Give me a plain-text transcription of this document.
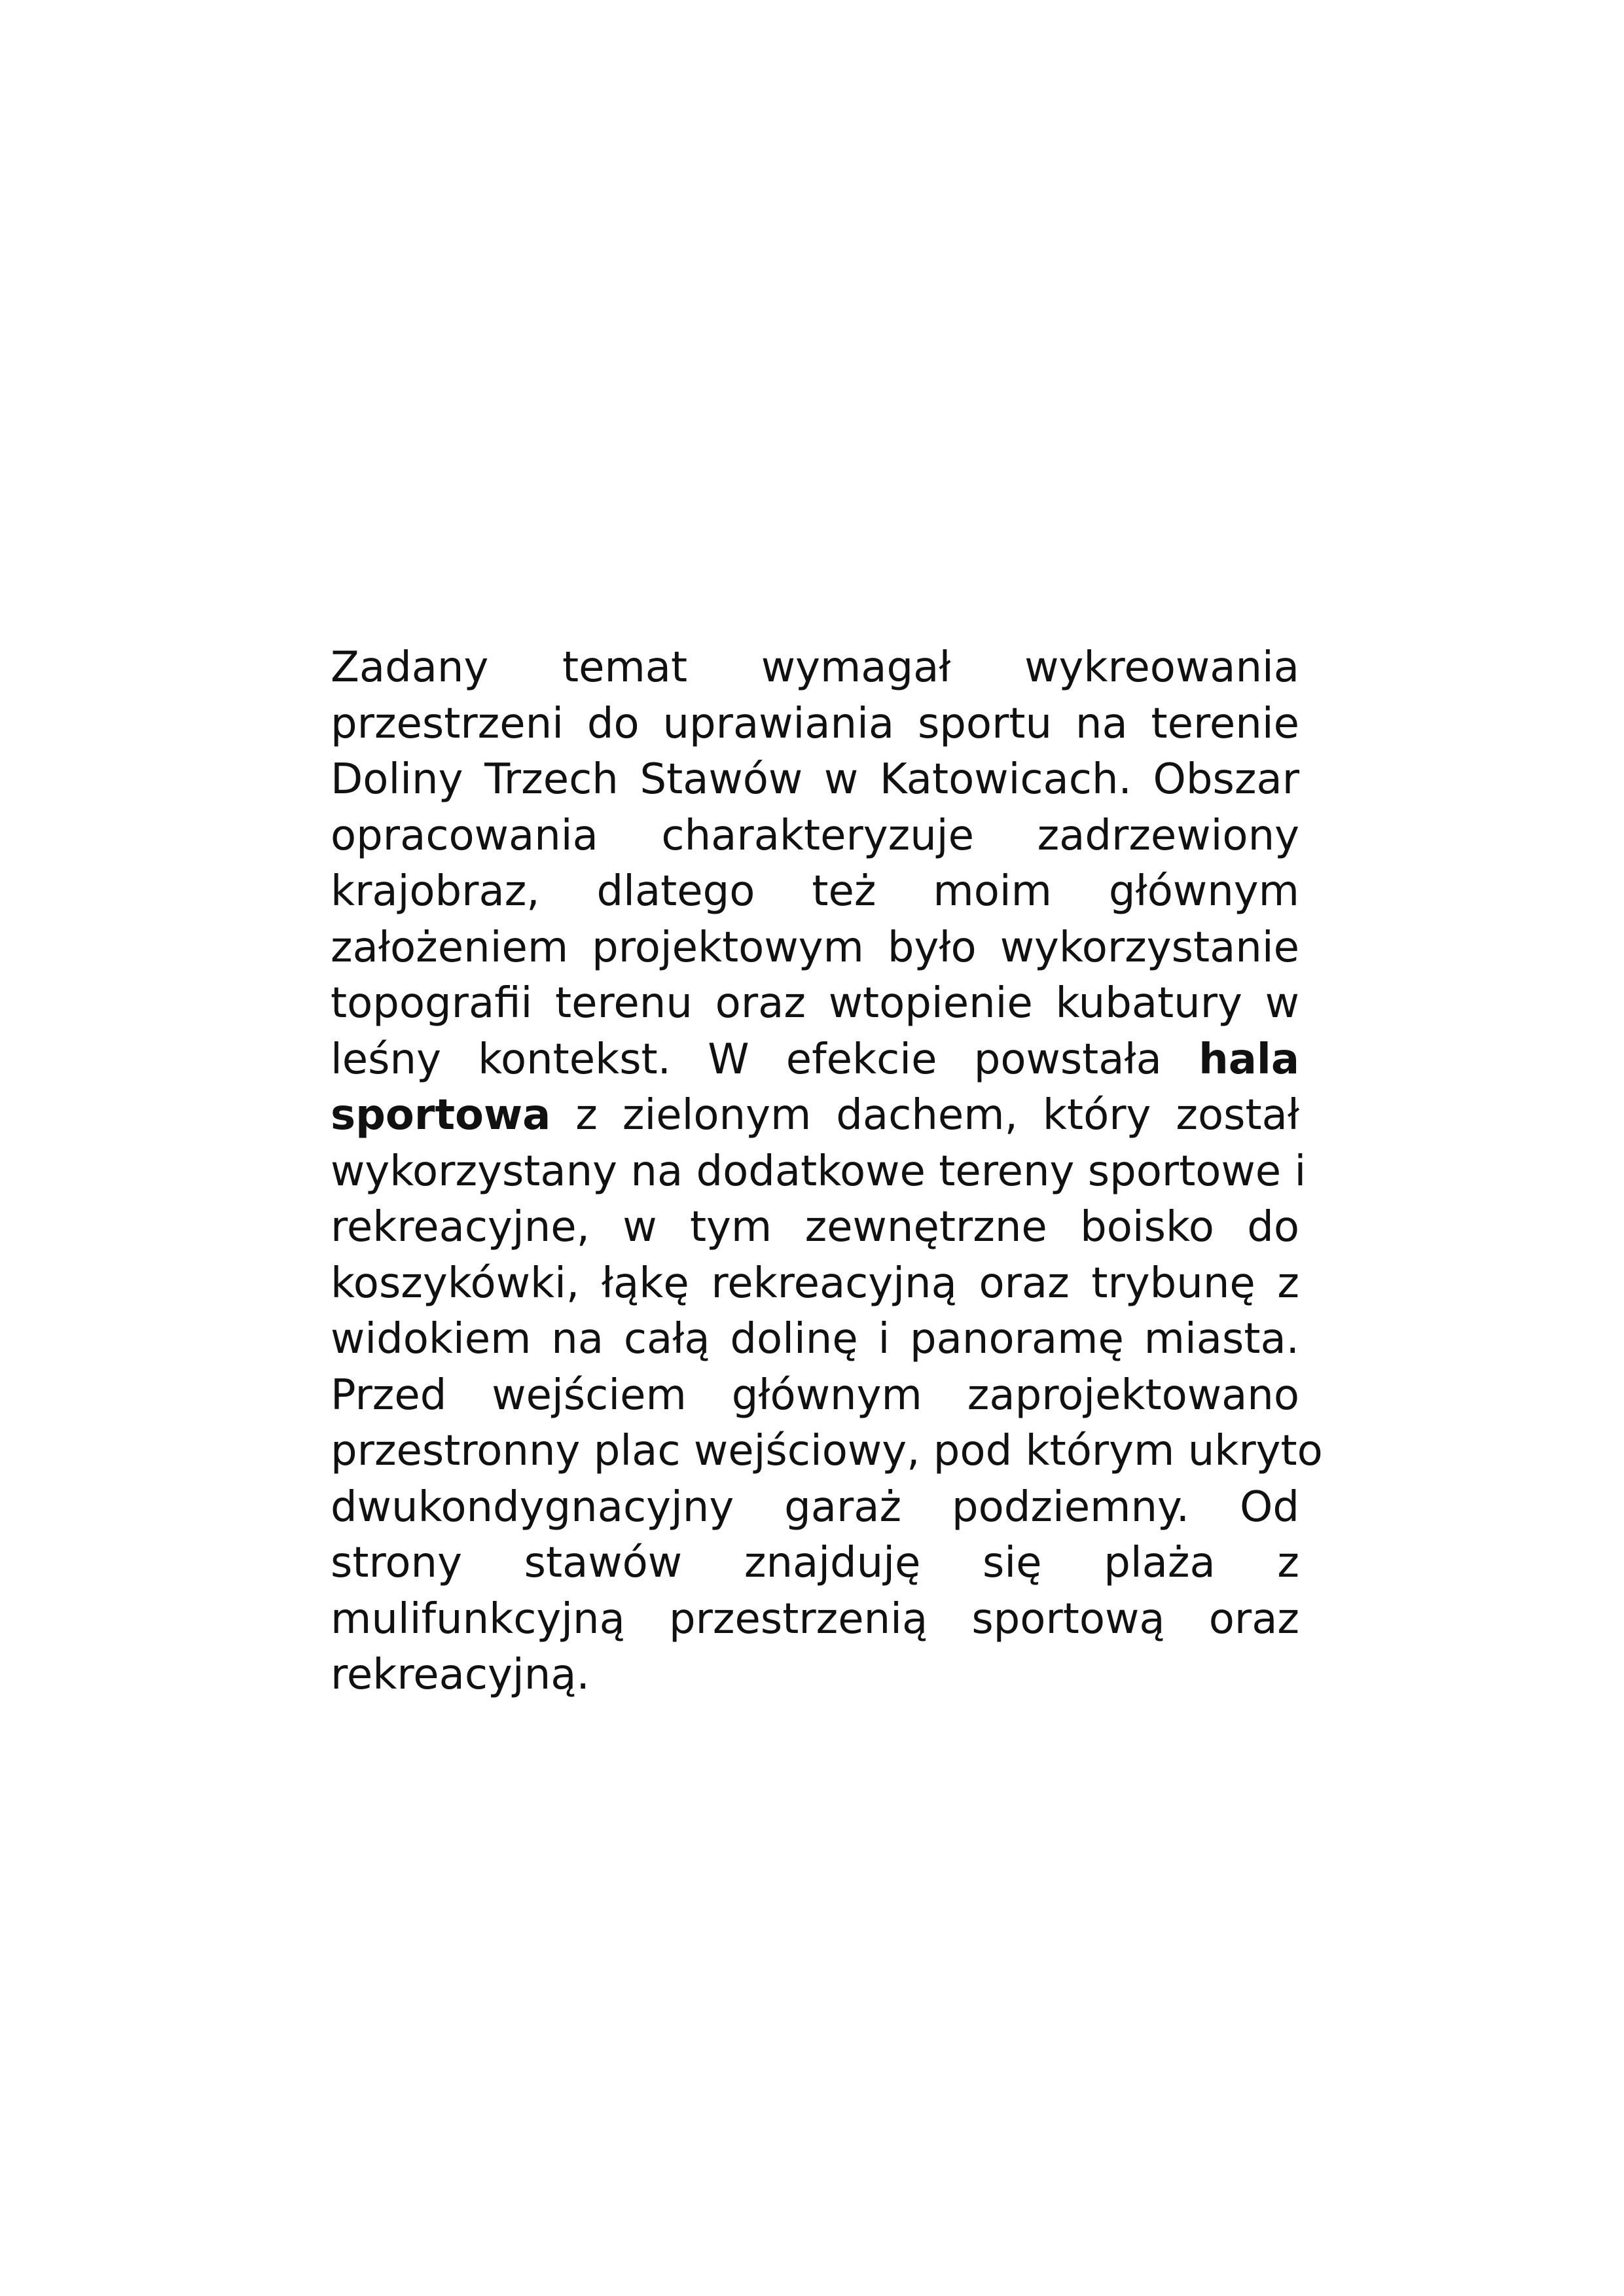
Zadany temat wymagał wykreowania
przestrzeni do uprawiania sportu na terenie
Doliny Trzech Stawów w Katowicach. Obszar
opracowania charakteryzuje zadrzewiony
krajobraz, dlatego też moim głównym
założeniem projektowym było wykorzystanie
topografii terenu oraz wtopienie kubatury w
leśny kontekst. W efekcie powstała hala
sportowa z zielonym dachem, który został
wykorzystany na dodatkowe tereny sportowe i
rekreacyjne, w tym zewnętrzne boisko do
koszykówki, łąkę rekreacyjną oraz trybunę z
widokiem na całą dolinę i panoramę miasta.
Przed wejściem głównym zaprojektowano
przestronny plac wejściowy, pod którym ukryto
dwukondygnacyjny garaż podziemny. Od
strony stawów znajduję się plaża z
mulifunkcyjną przestrzenią sportową oraz
rekreacyjną.
